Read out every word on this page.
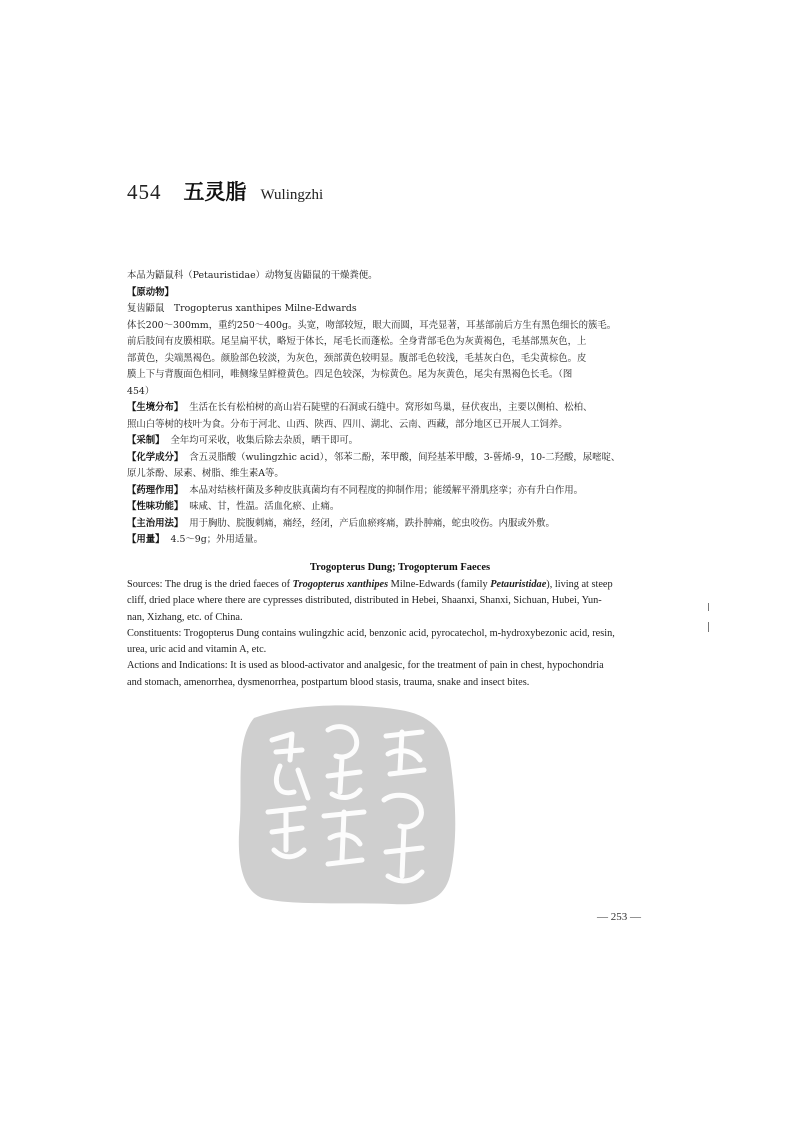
454 五灵脂 Wulingzhi

本品为鼯鼠科（Petauristidae）动物复齿鼯鼠的干燥粪便。

【原动物】

复齿鼯鼠　Trogopterus xanthipes Milne-Edwards

体长200～300mm，重约250～400g。头宽，吻部较短，眼大而圆，耳壳显著，耳基部前后方生有黑色细长的簇毛。

前后肢间有皮膜相联。尾呈扁平状，略短于体长，尾毛长而蓬松。全身背部毛色为灰黄褐色，毛基部黑灰色，上

部黄色，尖端黑褐色。颜脸部色较淡，为灰色，颈部黄色较明显。腹部毛色较浅，毛基灰白色，毛尖黄棕色。皮

膜上下与背腹面色相同，唯侧缘呈鲜橙黄色。四足色较深，为棕黄色。尾为灰黄色，尾尖有黑褐色长毛。（图

454）

【生境分布】 生活在长有松柏树的高山岩石陡壁的石洞或石缝中。窝形如鸟巢，昼伏夜出，主要以侧柏、松柏、

照山白等树的枝叶为食。分布于河北、山西、陕西、四川、湖北、云南、西藏，部分地区已开展人工饲养。

【采制】 全年均可采收，收集后除去杂质，晒干即可。

【化学成分】 含五灵脂酸（wulingzhic acid），邻苯二酚，苯甲酸，间羟基苯甲酸，3-蒈烯-9，10-二羟酸，尿嘧啶、

原儿茶酚、尿素、树脂、维生素A等。

【药理作用】 本品对结核杆菌及多种皮肤真菌均有不同程度的抑制作用；能缓解平滑肌痉挛；亦有升白作用。

【性味功能】 味咸、甘，性温。活血化瘀、止痛。

【主治用法】 用于胸肋、脘腹刺痛，痛经，经闭，产后血瘀疼痛，跌扑肿痛，蛇虫咬伤。内服或外敷。

【用量】 4.5～9g；外用适量。

Trogopterus Dung; Trogopterum Faeces

Sources: The drug is the dried faeces of Trogopterus xanthipes Milne-Edwards (family Petauristidae), living at steep

cliff, dried place where there are cypresses distributed, distributed in Hebei, Shaanxi, Shanxi, Sichuan, Hubei, Yun-

nan, Xizhang, etc. of China.

Constituents: Trogopterus Dung contains wulingzhic acid, benzonic acid, pyrocatechol, m-hydroxybezonic acid, resin,

urea, uric acid and vitamin A, etc.

Actions and Indications: It is used as blood-activator and analgesic, for the treatment of pain in chest, hypochondria

and stomach, amenorrhea, dysmenorrhea, postpartum blood stasis, trauma, snake and insect bites.

— 253 —
